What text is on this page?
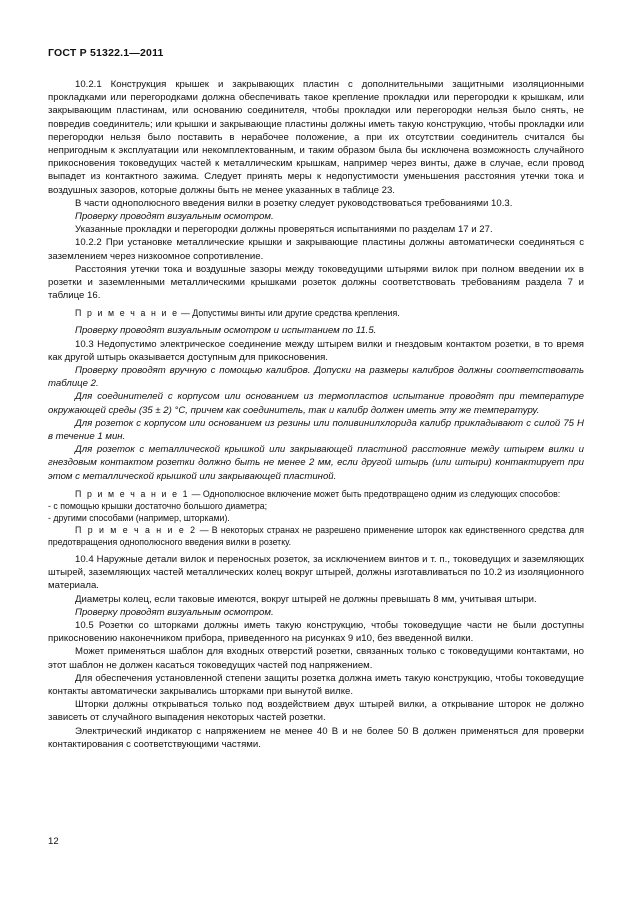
ГОСТ Р 51322.1—2011

10.2.1 Конструкция крышек и закрывающих пластин с дополнительными защитными изоляционными прокладками или перегородками должна обеспечивать такое крепление прокладки или перегородки к крышкам, или закрывающим пластинам, или основанию соединителя, чтобы прокладки или перегородки нельзя было снять, не повредив соединитель; или крышки и закрывающие пластины должны иметь такую конструкцию, чтобы прокладки или перегородки нельзя было поставить в нерабочее положение, а при их отсутствии соединитель считался бы непригодным к эксплуатации или некомплектованным, и таким образом была бы исключена возможность случайного прикосновения токоведущих частей к металлическим крышкам, например через винты, даже в случае, если провод выпадет из контактного зажима. Следует принять меры к недопустимости уменьшения расстояния утечки тока и воздушных зазоров, которые должны быть не менее указанных в таблице 23.

В части однополюсного введения вилки в розетку следует руководствоваться требованиями 10.3.

Проверку проводят визуальным осмотром.

Указанные прокладки и перегородки должны проверяться испытаниями по разделам 17 и 27.

10.2.2 При установке металлические крышки и закрывающие пластины должны автоматически соединяться с заземлением через низкоомное сопротивление.

Расстояния утечки тока и воздушные зазоры между токоведущими штырями вилок при полном введении их в розетки и заземленными металлическими крышками розеток должны соответствовать требованиям раздела 7 и таблице 16.

П р и м е ч а н и е — Допустимы винты или другие средства крепления.

Проверку проводят визуальным осмотром и испытанием по 11.5.

10.3 Недопустимо электрическое соединение между штырем вилки и гнездовым контактом розетки, в то время как другой штырь оказывается доступным для прикосновения.

Проверку проводят вручную с помощью калибров. Допуски на размеры калибров должны соответствовать таблице 2.

Для соединителей с корпусом или основанием из термопластов испытание проводят при температуре окружающей среды (35 ± 2) °С, причем как соединитель, так и калибр должен иметь эту же температуру.

Для розеток с корпусом или основанием из резины или поливинилхлорида калибр прикладывают с силой 75 Н в течение 1 мин.

Для розеток с металлической крышкой или закрывающей пластиной расстояние между штырем вилки и гнездовым контактом розетки должно быть не менее 2 мм, если другой штырь (или штыри) контактирует при этом с металлической крышкой или закрывающей пластиной.

П р и м е ч а н и е 1 — Однополюсное включение может быть предотвращено одним из следующих способов:

- с помощью крышки достаточно большого диаметра;

- другими способами (например, шторками).

П р и м е ч а н и е 2 — В некоторых странах не разрешено применение шторок как единственного средства для предотвращения однополюсного введения вилки в розетку.

10.4 Наружные детали вилок и переносных розеток, за исключением винтов и т. п., токоведущих и заземляющих штырей, заземляющих частей металлических колец вокруг штырей, должны изготавливаться по 10.2 из изоляционного материала.

Диаметры колец, если таковые имеются, вокруг штырей не должны превышать 8 мм, учитывая штыри.

Проверку проводят визуальным осмотром.

10.5 Розетки со шторками должны иметь такую конструкцию, чтобы токоведущие части не были доступны прикосновению наконечником прибора, приведенного на рисунках 9 и10, без введенной вилки.

Может применяться шаблон для входных отверстий розетки, связанных только с токоведущими контактами, но этот шаблон не должен касаться токоведущих частей под напряжением.

Для обеспечения установленной степени защиты розетка должна иметь такую конструкцию, чтобы токоведущие контакты автоматически закрывались шторками при вынутой вилке.

Шторки должны открываться только под воздействием двух штырей вилки, а открывание шторок не должно зависеть от случайного выпадения некоторых частей розетки.

Электрический индикатор с напряжением не менее 40 В и не более 50 В должен применяться для проверки контактирования с соответствующими частями.

12
